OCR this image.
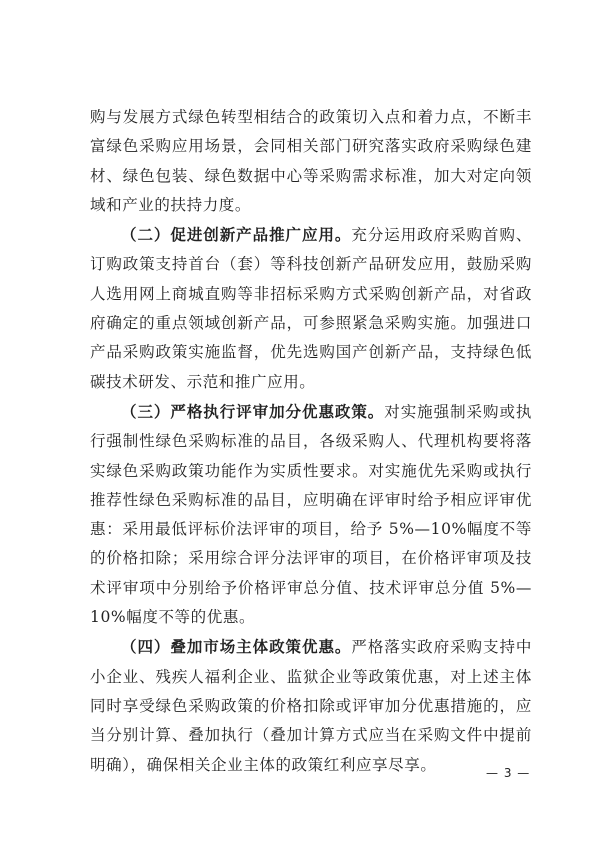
购与发展方式绿色转型相结合的政策切入点和着力点，不断丰富绿色采购应用场景，会同相关部门研究落实政府采购绿色建材、绿色包装、绿色数据中心等采购需求标准，加大对定向领域和产业的扶持力度。

（二）促进创新产品推广应用。充分运用政府采购首购、订购政策支持首台（套）等科技创新产品研发应用，鼓励采购人选用网上商城直购等非招标采购方式采购创新产品，对省政府确定的重点领域创新产品，可参照紧急采购实施。加强进口产品采购政策实施监督，优先选购国产创新产品，支持绿色低碳技术研发、示范和推广应用。

（三）严格执行评审加分优惠政策。对实施强制采购或执行强制性绿色采购标准的品目，各级采购人、代理机构要将落实绿色采购政策功能作为实质性要求。对实施优先采购或执行推荐性绿色采购标准的品目，应明确在评审时给予相应评审优惠：采用最低评标价法评审的项目，给予 5%—10%幅度不等的价格扣除；采用综合评分法评审的项目，在价格评审项及技术评审项中分别给予价格评审总分值、技术评审总分值 5%—10%幅度不等的优惠。

（四）叠加市场主体政策优惠。严格落实政府采购支持中小企业、残疾人福利企业、监狱企业等政策优惠，对上述主体同时享受绿色采购政策的价格扣除或评审加分优惠措施的，应当分别计算、叠加执行（叠加计算方式应当在采购文件中提前明确），确保相关企业主体的政策红利应享尽享。	— 3 —
